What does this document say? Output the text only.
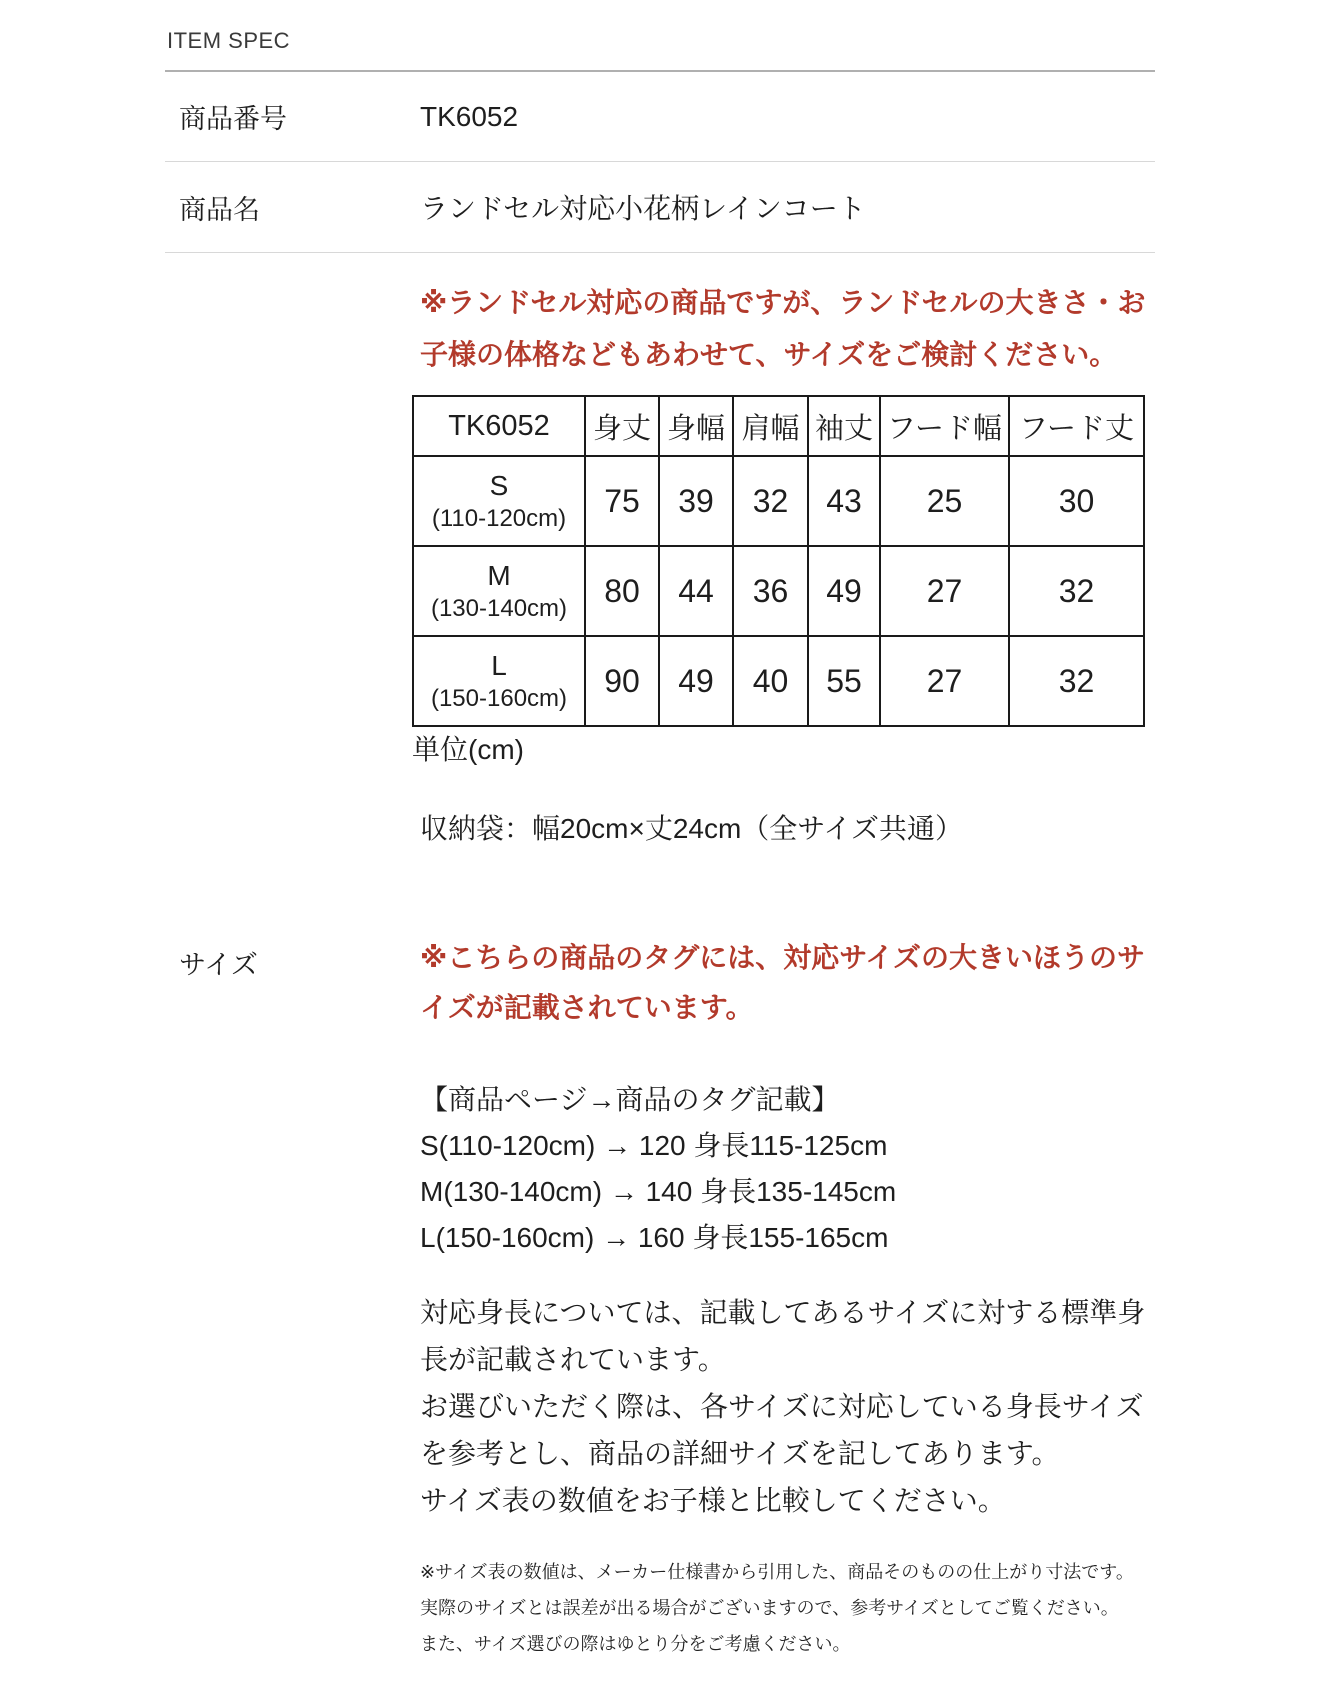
ITEM SPEC
商品番号	TK6052
商品名	ランドセル対応小花柄レインコート

※ランドセル対応の商品ですが、ランドセルの大きさ・お子様の体格などもあわせて、サイズをご検討ください。

TK6052	身丈	身幅	肩幅	袖丈	フード幅	フード丈

S
(110-120cm)	75	39	32	43	25	30

M
(130-140cm)	80	44	36	49	27	32

L
(150-160cm)	90	49	40	55	27	32
単位(cm)
収納袋：幅20cm×丈24cm（全サイズ共通）
サイズ	※こちらの商品のタグには、対応サイズの大きいほうのサイズが記載されています。

【商品ページ→商品のタグ記載】
S(110-120cm) → 120 身長115-125cm
M(130-140cm) → 140 身長135-145cm
L(150-160cm) → 160 身長155-165cm
対応身長については、記載してあるサイズに対する標準身長が記載されています。
お選びいただく際は、各サイズに対応している身長サイズを参考とし、商品の詳細サイズを記してあります。
サイズ表の数値をお子様と比較してください。
※サイズ表の数値は、メーカー仕様書から引用した、商品そのものの仕上がり寸法です。
実際のサイズとは誤差が出る場合がございますので、参考サイズとしてご覧ください。
また、サイズ選びの際はゆとり分をご考慮ください。
